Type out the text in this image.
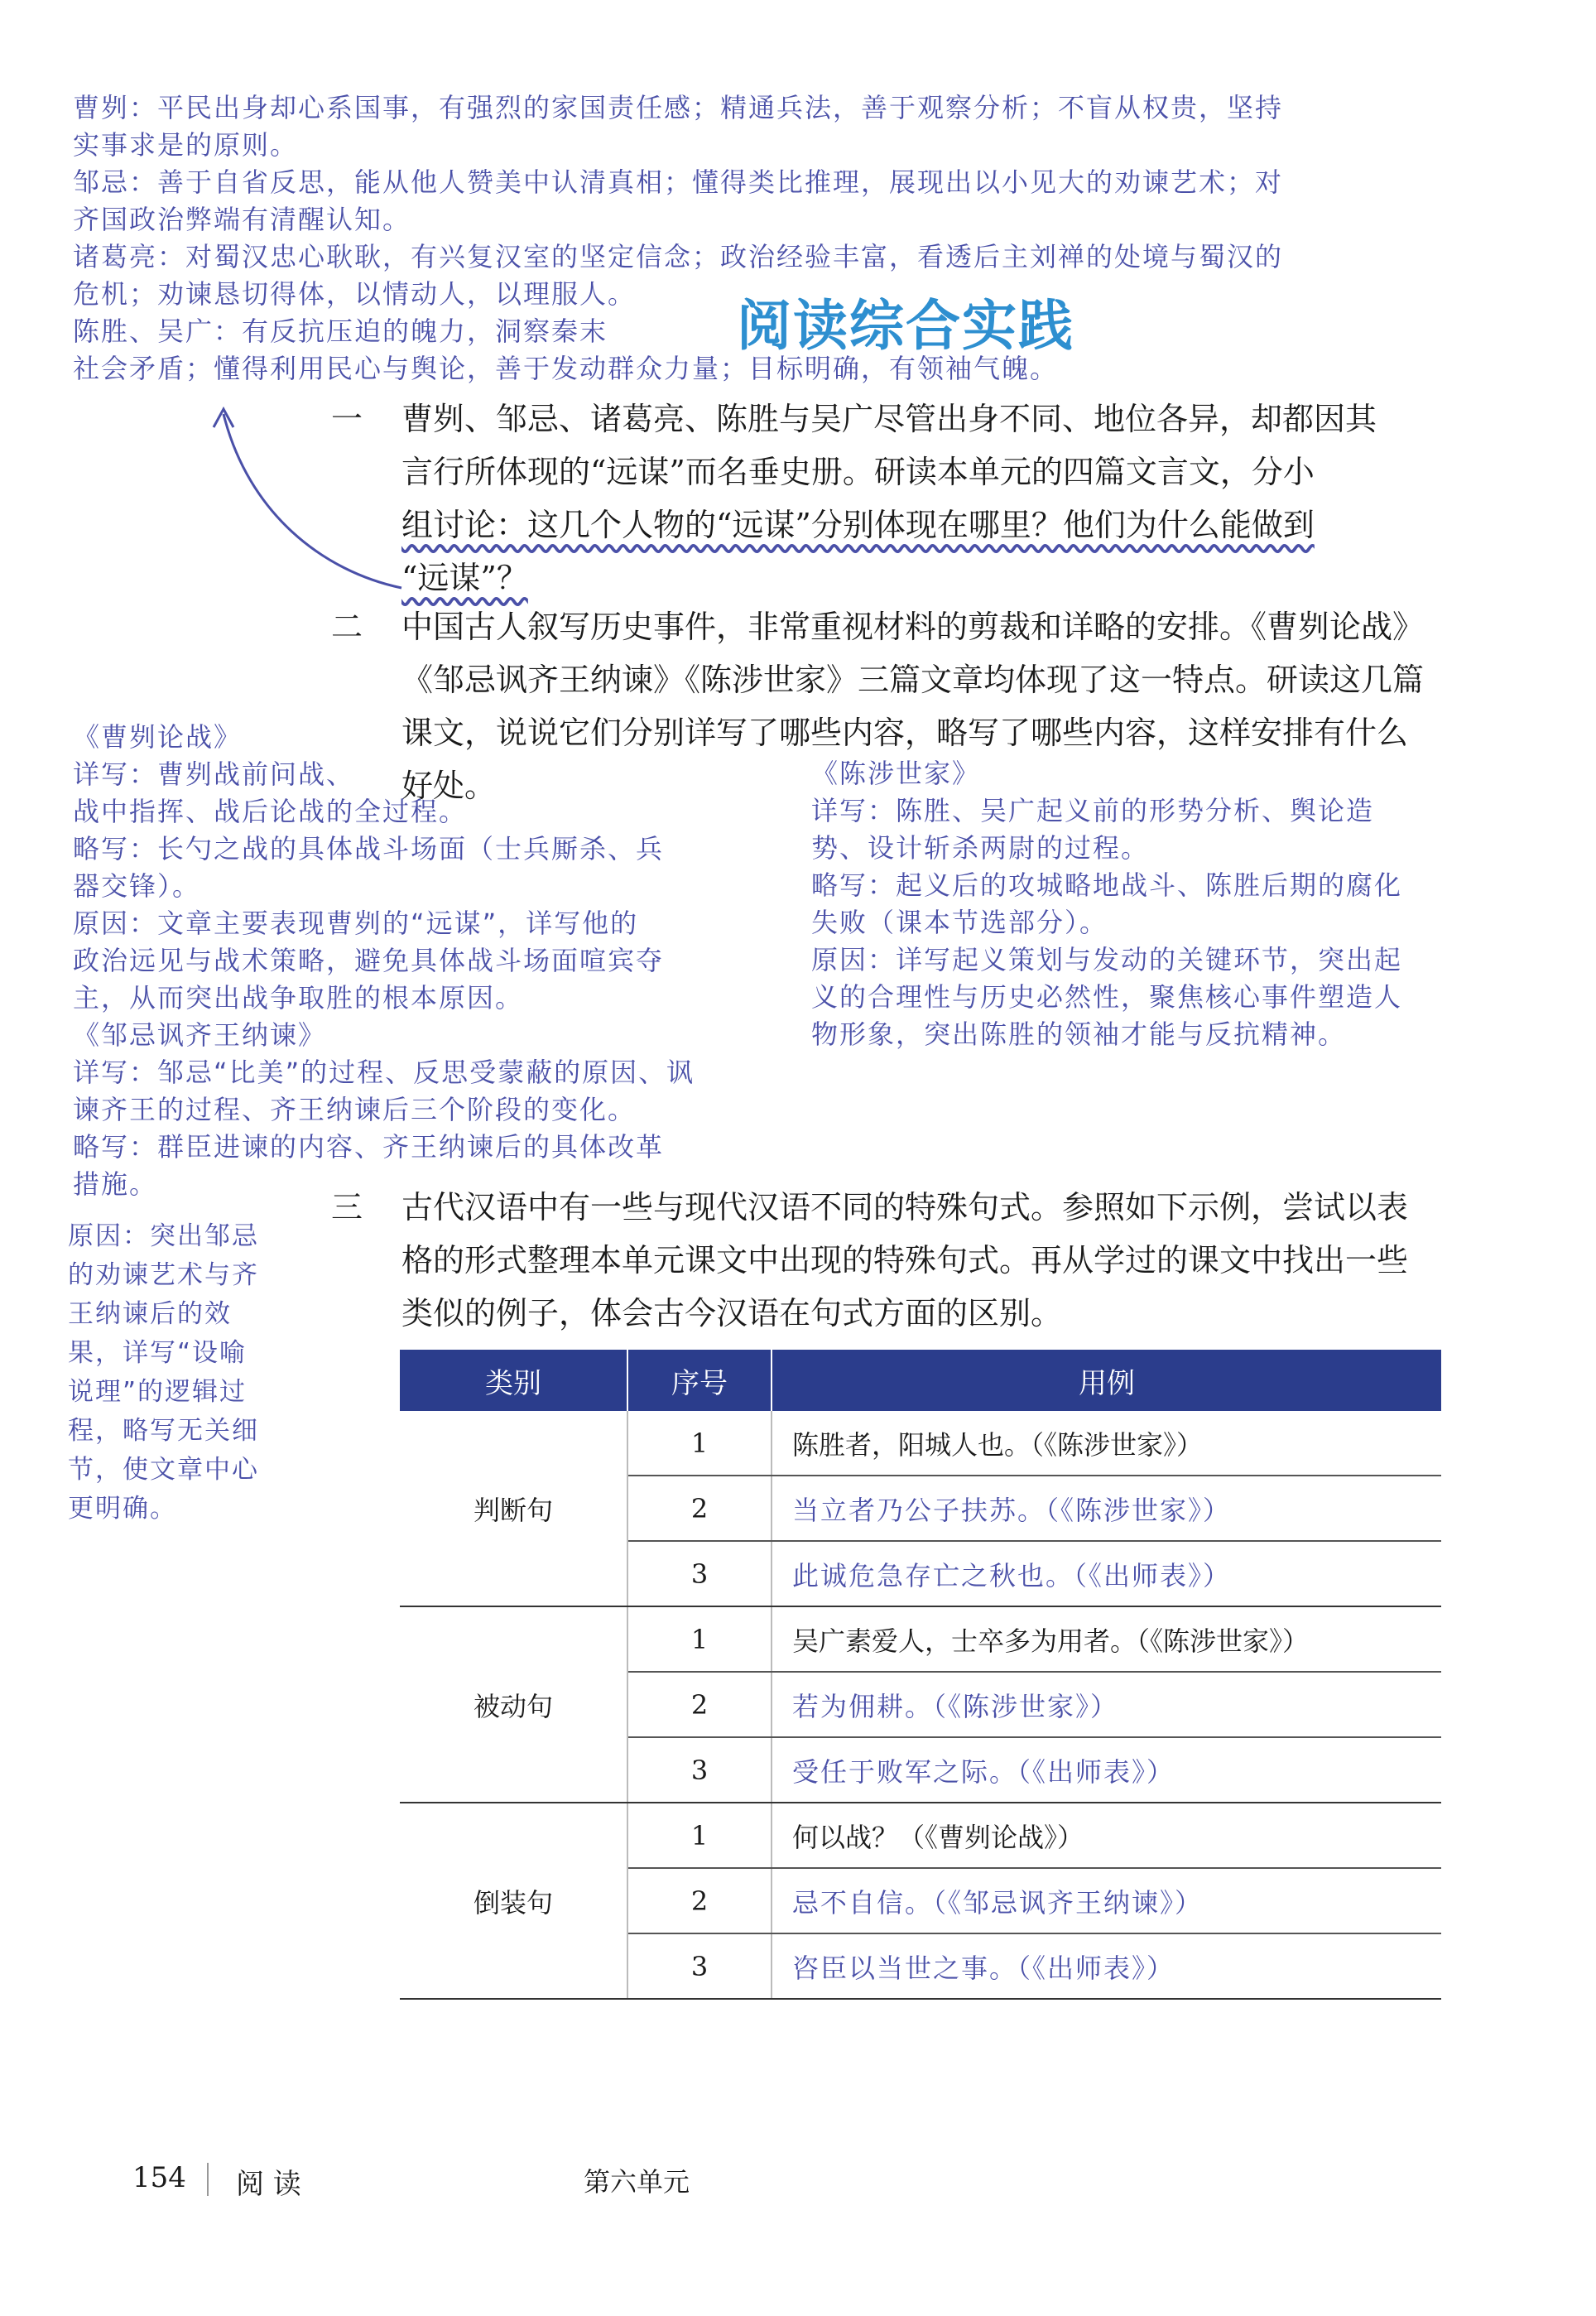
曹刿：平民出身却心系国事，有强烈的家国责任感；精通兵法，善于观察分析；不盲从权贵，坚持
实事求是的原则。
邹忌：善于自省反思，能从他人赞美中认清真相；懂得类比推理，展现出以小见大的劝谏艺术；对
齐国政治弊端有清醒认知。
诸葛亮：对蜀汉忠心耿耿，有兴复汉室的坚定信念；政治经验丰富，看透后主刘禅的处境与蜀汉的
危机；劝谏恳切得体，以情动人，以理服人。
陈胜、吴广：有反抗压迫的魄力，洞察秦末
社会矛盾；懂得利用民心与舆论，善于发动群众力量；目标明确，有领袖气魄。
阅读综合实践
一 曹刿、邹忌、诸葛亮、陈胜与吴广尽管出身不同、地位各异，却都因其
言行所体现的“远谋”而名垂史册。研读本单元的四篇文言文，分小
组讨论：这几个人物的“远谋”分别体现在哪里？他们为什么能做到
“远谋”？
二 中国古人叙写历史事件，非常重视材料的剪裁和详略的安排。《曹刿论战》
《邹忌讽齐王纳谏》《陈涉世家》三篇文章均体现了这一特点。研读这几篇
课文，说说它们分别详写了哪些内容，略写了哪些内容，这样安排有什么
好处。
《曹刿论战》
详写：曹刿战前问战、
战中指挥、战后论战的全过程。
略写：长勺之战的具体战斗场面（士兵厮杀、兵
器交锋）。
原因：文章主要表现曹刿的“远谋”，详写他的
政治远见与战术策略，避免具体战斗场面喧宾夺
主，从而突出战争取胜的根本原因。
《邹忌讽齐王纳谏》
详写：邹忌“比美”的过程、反思受蒙蔽的原因、讽
谏齐王的过程、齐王纳谏后三个阶段的变化。
略写：群臣进谏的内容、齐王纳谏后的具体改革
措施。
原因：突出邹忌
的劝谏艺术与齐
王纳谏后的效
果，详写“设喻
说理”的逻辑过
程，略写无关细
节，使文章中心
更明确。
《陈涉世家》
详写：陈胜、吴广起义前的形势分析、舆论造
势、设计斩杀两尉的过程。
略写：起义后的攻城略地战斗、陈胜后期的腐化
失败（课本节选部分）。
原因：详写起义策划与发动的关键环节，突出起
义的合理性与历史必然性，聚焦核心事件塑造人
物形象，突出陈胜的领袖才能与反抗精神。
三 古代汉语中有一些与现代汉语不同的特殊句式。参照如下示例，尝试以表
格的形式整理本单元课文中出现的特殊句式。再从学过的课文中找出一些
类似的例子，体会古今汉语在句式方面的区别。
类别	序号	用例
判断句	1	陈胜者，阳城人也。（《陈涉世家》）
	2	当立者乃公子扶苏。（《陈涉世家》）
	3	此诚危急存亡之秋也。（《出师表》）
被动句	1	吴广素爱人，士卒多为用者。（《陈涉世家》）
	2	若为佣耕。（《陈涉世家》）
	3	受任于败军之际。（《出师表》）
倒装句	1	何以战？（《曹刿论战》）
	2	忌不自信。（《邹忌讽齐王纳谏》）
	3	咨臣以当世之事。（《出师表》）
154 阅 读	第六单元
